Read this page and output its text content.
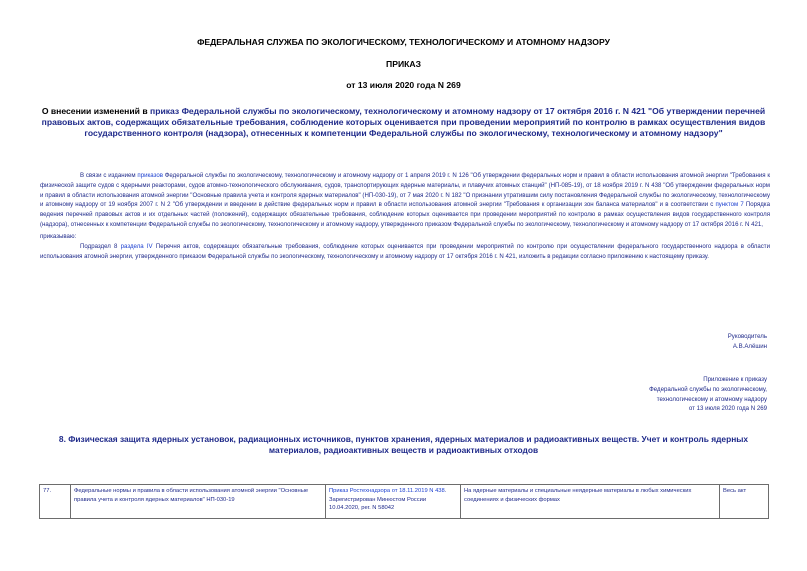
ФЕДЕРАЛЬНАЯ СЛУЖБА ПО ЭКОЛОГИЧЕСКОМУ, ТЕХНОЛОГИЧЕСКОМУ И АТОМНОМУ НАДЗОРУ
ПРИКАЗ
от 13 июля 2020 года N 269
О внесении изменений в приказ Федеральной службы по экологическому, технологическому и атомному надзору от 17 октября 2016 г. N 421 "Об утверждении перечней правовых актов, содержащих обязательные требования, соблюдение которых оценивается при проведении мероприятий по контролю в рамках осуществления видов государственного контроля (надзора), отнесенных к компетенции Федеральной службы по экологическому, технологическому и атомному надзору"
В связи с изданием приказов Федеральной службы по экологическому, технологическому и атомному надзору от 1 апреля 2019 г. N 126 "Об утверждении федеральных норм и правил в области использования атомной энергии "Требования к физической защите судов с ядерными реакторами, судов атомно-технологического обслуживания, судов, транспортирующих ядерные материалы, и плавучих атомных станций" (НП-085-19), от 18 ноября 2019 г. N 438 "Об утверждении федеральных норм и правил в области использования атомной энергии "Основные правила учета и контроля ядерных материалов" (НП-030-19), от 7 мая 2020 г. N 182 "О признании утратившим силу постановления Федеральной службы по экологическому, технологическому и атомному надзору от 19 ноября 2007 г. N 2 "Об утверждении и введении в действие федеральных норм и правил в области использования атомной энергии "Требования к организации зон баланса материалов" и в соответствии с пунктом 7 Порядка ведения перечней правовых актов и их отдельных частей (положений), содержащих обязательные требования, соблюдение которых оценивается при проведении мероприятий по контролю в рамках осуществления видов государственного контроля (надзора), отнесенных к компетенции Федеральной службы по экологическому, технологическому и атомному надзору, утвержденного приказом Федеральной службы по экологическому, технологическому и атомному надзору от 17 октября 2016 г. N 421,
приказываю:
Подраздел 8 раздела IV Перечня актов, содержащих обязательные требования, соблюдение которых оценивается при проведении мероприятий по контролю при осуществлении федерального государственного надзора в области использования атомной энергии, утвержденного приказом Федеральной службы по экологическому, технологическому и атомному надзору от 17 октября 2016 г. N 421, изложить в редакции согласно приложению к настоящему приказу.
Руководитель
А.В.Алёшин
Приложение к приказу
Федеральной службы по экологическому,
технологическому и атомному надзору
от 13 июля 2020 года N 269
8. Физическая защита ядерных установок, радиационных источников, пунктов хранения, ядерных материалов и радиоактивных веществ. Учет и контроль ядерных материалов, радиоактивных веществ и радиоактивных отходов
77.	Федеральные нормы и правила в области использования атомной энергии "Основные правила учета и контроля ядерных материалов" НП-030-19	Приказ Ростехнадзора от 18.11.2019 N 438. Зарегистрирован Минюстом России 10.04.2020, рег. N 58042	На ядерные материалы и специальные неядерные материалы в любых химических соединениях и физических формах	Весь акт
